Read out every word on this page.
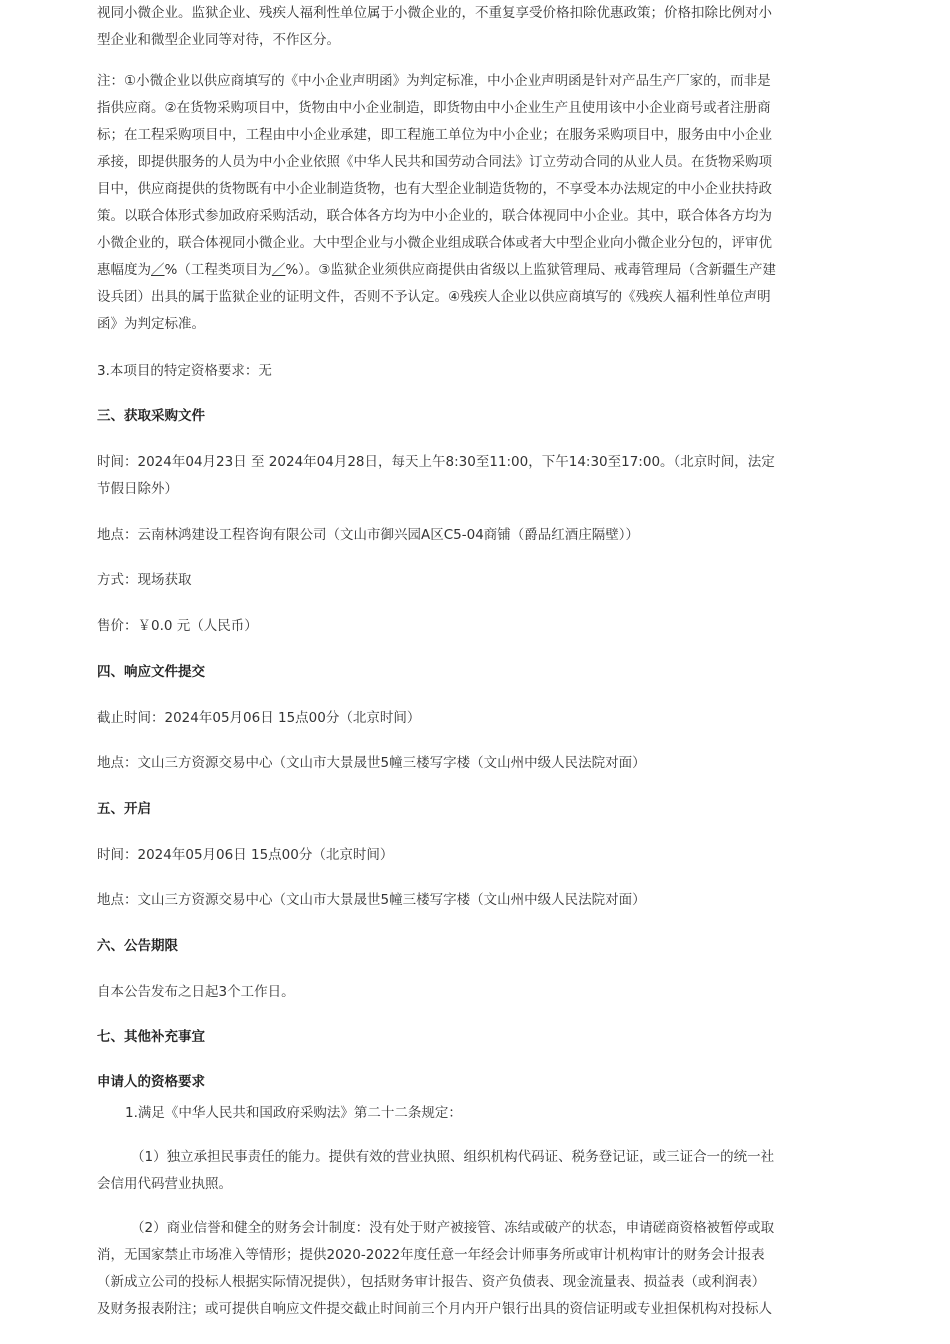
视同小微企业。监狱企业、残疾人福利性单位属于小微企业的，不重复享受价格扣除优惠政策；价格扣除比例对小型企业和微型企业同等对待，不作区分。

注：①小微企业以供应商填写的《中小企业声明函》为判定标准，中小企业声明函是针对产品生产厂家的，而非是指供应商。②在货物采购项目中，货物由中小企业制造，即货物由中小企业生产且使用该中小企业商号或者注册商标；在工程采购项目中，工程由中小企业承建，即工程施工单位为中小企业；在服务采购项目中，服务由中小企业承接，即提供服务的人员为中小企业依照《中华人民共和国劳动合同法》订立劳动合同的从业人员。在货物采购项目中，供应商提供的货物既有中小企业制造货物，也有大型企业制造货物的，不享受本办法规定的中小企业扶持政策。以联合体形式参加政府采购活动，联合体各方均为中小企业的，联合体视同中小企业。其中，联合体各方均为小微企业的，联合体视同小微企业。大中型企业与小微企业组成联合体或者大中型企业向小微企业分包的，评审优惠幅度为／%（工程类项目为／%）。③监狱企业须供应商提供由省级以上监狱管理局、戒毒管理局（含新疆生产建设兵团）出具的属于监狱企业的证明文件，否则不予认定。④残疾人企业以供应商填写的《残疾人福利性单位声明函》为判定标准。

3.本项目的特定资格要求：无

三、获取采购文件

时间：2024年04月23日 至 2024年04月28日，每天上午8:30至11:00，下午14:30至17:00。（北京时间，法定节假日除外）

地点：云南林鸿建设工程咨询有限公司（文山市御兴园A区C5-04商铺（爵品红酒庄隔壁））

方式：现场获取

售价：￥0.0 元（人民币）

四、响应文件提交

截止时间：2024年05月06日 15点00分（北京时间）

地点：文山三方资源交易中心（文山市大景晟世5幢三楼写字楼（文山州中级人民法院对面）

五、开启

时间：2024年05月06日 15点00分（北京时间）

地点：文山三方资源交易中心（文山市大景晟世5幢三楼写字楼（文山州中级人民法院对面）

六、公告期限

自本公告发布之日起3个工作日。

七、其他补充事宜

申请人的资格要求

1.满足《中华人民共和国政府采购法》第二十二条规定：

（1）独立承担民事责任的能力。提供有效的营业执照、组织机构代码证、税务登记证，或三证合一的统一社会信用代码营业执照。

（2）商业信誉和健全的财务会计制度：没有处于财产被接管、冻结或破产的状态，申请磋商资格被暂停或取消，无国家禁止市场准入等情形；提供2020-2022年度任意一年经会计师事务所或审计机构审计的财务会计报表（新成立公司的投标人根据实际情况提供），包括财务审计报告、资产负债表、现金流量表、损益表（或利润表）及财务报表附注；或可提供自响应文件提交截止时间前三个月内开户银行出具的资信证明或专业担保机构对投标人
